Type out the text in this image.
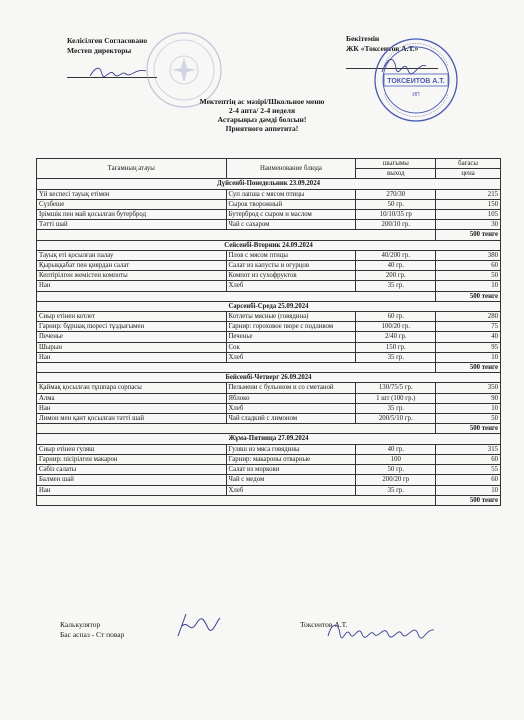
Келісілген Согласовано
Местеп директоры
Бекітемін
ЖК «Токсеитов А.Т.»
ТОКСЕИТОВ А.Т.
ИП
Мектептің ас мәзірі/Школьное меню
2-4 апта/ 2-4 неделя
Астарыңыз дәмді болсын!
Приятного аппетита!
Тағамның атауы	Наименование блюда	шығымы	бағасы
		выход	цена
Дүйсенбі-Понедельник 23.09.2024			
Үй кеспесі тауық етімен	Суп лапша с мясом птицы	270/30	215
Сүзбеше	Сырок творожный	50 гр.	150
Ірімшік пен май қосылған бутерброд	Бутерброд с сыром и маслом	10/10/35 гр	105
Тәтті шай	Чай с сахаром	200/10 гр.	30
			500 тенге
Сейсенбі-Вторник 24.09.2024			
Тауық еті қосылған палау	Плов с мясом птицы	40/200 гр.	380
Қырыққабат пен қиярдан салат	Салат из капусты и огурцов	40 гр.	60
Кептірілген жемістен компоты	Компот из сухофруктов	200 гр.	50
Нан	Хлеб	35 гр.	10
			500 тенге
Сәрсенбі-Среда 25.09.2024			
Сиыр етінен котлет	Котлеты мясные (говядина)	60 гр.	280
Гарнир: бұршақ пюресі тұздығымен	Гарнир: гороховое пюре с подливом	100/20 гр.	75
Печенье	Печенье	2/40 гр.	40
Шырын	Сок	150 гр.	95
Нан	Хлеб	35 гр.	10
			500 тенге
Бейсенбі-Четверг 26.09.2024			
Қаймақ қосылған тұшпара сорпасы	Пельмени с бульоном и со сметаной	130/75/5 гр.	350
Алма	Яблоко	1 шт (100 гр.)	90
Нан	Хлеб	35 гр.	10
Лимон мен қант қосылған тәтті шай	Чай сладкий с лимоном	200/5/10 гр.	50
			500 тенге
Жұма-Пятница 27.09.2024			
Сиыр етінен гуляш	Гуляш из мяса говядины	40 гр.	315
Гарнир: пісірілген макарон	Гарнир: макароны отварные	100	60
Сәбіз салаты	Салат из моркови	50 гр.	55
Балмен шай	Чай с медом	200/20 гр	60
Нан	Хлеб	35 гр.	10
			500 тенге
Калькулятор
Бас аспаз - Ст повар
Токсеитов А.Т.
